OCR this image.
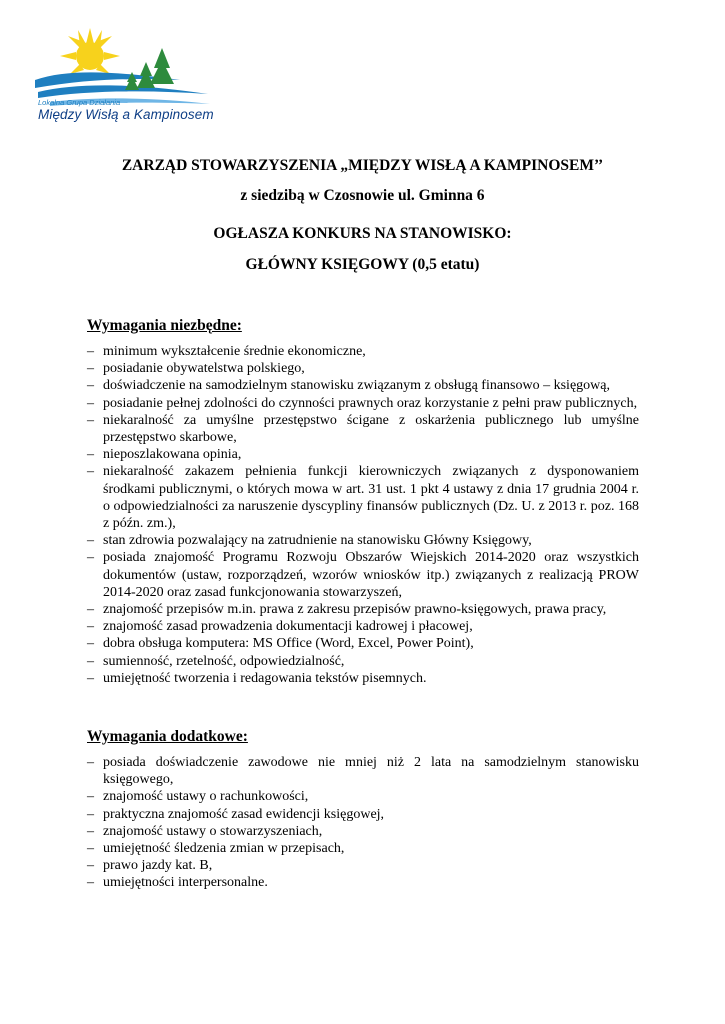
Lokalna Grupa Działania
Między Wisłą a Kampinosem
ZARZĄD STOWARZYSZENIA „MIĘDZY WISŁĄ A KAMPINOSEM’’
z siedzibą w Czosnowie ul. Gminna 6
OGŁASZA KONKURS NA STANOWISKO:
GŁÓWNY KSIĘGOWY (0,5 etatu)
Wymagania niezbędne:
– minimum wykształcenie średnie ekonomiczne,
– posiadanie obywatelstwa polskiego,
– doświadczenie na samodzielnym stanowisku związanym z obsługą finansowo – księgową,
– posiadanie pełnej zdolności do czynności prawnych oraz korzystanie z pełni praw publicznych,
– niekaralność za umyślne przestępstwo ścigane z oskarżenia publicznego lub umyślne przestępstwo skarbowe,
– nieposzlakowana opinia,
– niekaralność zakazem pełnienia funkcji kierowniczych związanych z dysponowaniem środkami publicznymi, o których mowa w art. 31 ust. 1 pkt 4 ustawy z dnia 17 grudnia 2004 r. o odpowiedzialności za naruszenie dyscypliny finansów publicznych (Dz. U. z 2013 r. poz. 168 z późn. zm.),
– stan zdrowia pozwalający na zatrudnienie na stanowisku Główny Księgowy,
– posiada znajomość Programu Rozwoju Obszarów Wiejskich 2014-2020 oraz wszystkich dokumentów (ustaw, rozporządzeń, wzorów wniosków itp.) związanych z realizacją PROW 2014-2020 oraz zasad funkcjonowania stowarzyszeń,
– znajomość przepisów m.in. prawa z zakresu przepisów prawno-księgowych, prawa pracy,
– znajomość zasad prowadzenia dokumentacji kadrowej i płacowej,
– dobra obsługa komputera: MS Office (Word, Excel, Power Point),
– sumienność, rzetelność, odpowiedzialność,
– umiejętność tworzenia i redagowania tekstów pisemnych.
Wymagania dodatkowe:
– posiada doświadczenie zawodowe nie mniej niż 2 lata na samodzielnym stanowisku księgowego,
– znajomość ustawy o rachunkowości,
– praktyczna znajomość zasad ewidencji księgowej,
– znajomość ustawy o stowarzyszeniach,
– umiejętność śledzenia zmian w przepisach,
– prawo jazdy kat. B,
– umiejętności interpersonalne.
